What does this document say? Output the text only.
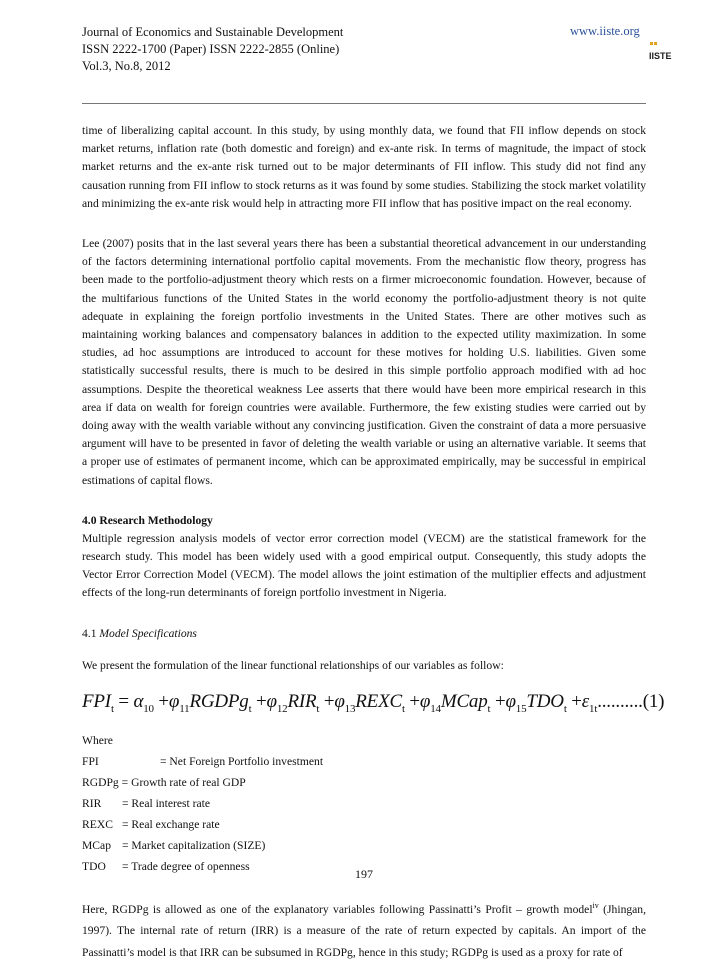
Journal of Economics and Sustainable Development
ISSN 2222-1700 (Paper) ISSN 2222-2855 (Online)
Vol.3, No.8, 2012
www.iiste.org
IISTE

time of liberalizing capital account. In this study, by using monthly data, we found that FII inflow depends on stock market returns, inflation rate (both domestic and foreign) and ex-ante risk. In terms of magnitude, the impact of stock market returns and the ex-ante risk turned out to be major determinants of FII inflow. This study did not find any causation running from FII inflow to stock returns as it was found by some studies. Stabilizing the stock market volatility and minimizing the ex-ante risk would help in attracting more FII inflow that has positive impact on the real economy.

Lee (2007) posits that in the last several years there has been a substantial theoretical advancement in our understanding of the factors determining international portfolio capital movements. From the mechanistic flow theory, progress has been made to the portfolio-adjustment theory which rests on a firmer microeconomic foundation. However, because of the multifarious functions of the United States in the world economy the portfolio-adjustment theory is not quite adequate in explaining the foreign portfolio investments in the United States. There are other motives such as maintaining working balances and compensatory balances in addition to the expected utility maximization. In some studies, ad hoc assumptions are introduced to account for these motives for holding U.S. liabilities. Given some statistically successful results, there is much to be desired in this simple portfolio approach modified with ad hoc assumptions. Despite the theoretical weakness Lee asserts that there would have been more empirical research in this area if data on wealth for foreign countries were available. Furthermore, the few existing studies were carried out by doing away with the wealth variable without any convincing justification. Given the constraint of data a more persuasive argument will have to be presented in favor of deleting the wealth variable or using an alternative variable. It seems that a proper use of estimates of permanent income, which can be approximated empirically, may be successful in empirical estimations of capital flows.

4.0 Research Methodology

Multiple regression analysis models of vector error correction model (VECM) are the statistical framework for the research study. This model has been widely used with a good empirical output. Consequently, this study adopts the Vector Error Correction Model (VECM). The model allows the joint estimation of the multiplier effects and adjustment effects of the long-run determinants of foreign portfolio investment in Nigeria.

4.1 Model Specifications

We present the formulation of the linear functional relationships of our variables as follow:

$FPI_t = \alpha_{10}$ $+\varphi_{11}RGDPg_t +\varphi_{12}RIR_t$ $+\varphi_{13}REXC_t$ $+\varphi_{14}MCap_t +\varphi_{15}TDO_t +\varepsilon_{1t}..........(1)$
Where
FPI	= Net Foreign Portfolio investment
RGDPg
= Growth rate of real GDP
RIR	= Real interest rate
REXC = Real exchange rate
MCap = Market capitalization (SIZE)
TDO	= Trade degree of openness

Here, RGDPg is allowed as one of the explanatory variables following Passinatti’s Profit – growth model$^{iv}$ (Jhingan, 1997). The internal rate of return (IRR) is a measure of the rate of return expected by capitals. An import of the Passinatti’s model is that IRR can be subsumed in RGDPg, hence in this study; RGDPg is used as a proxy for rate of

197
